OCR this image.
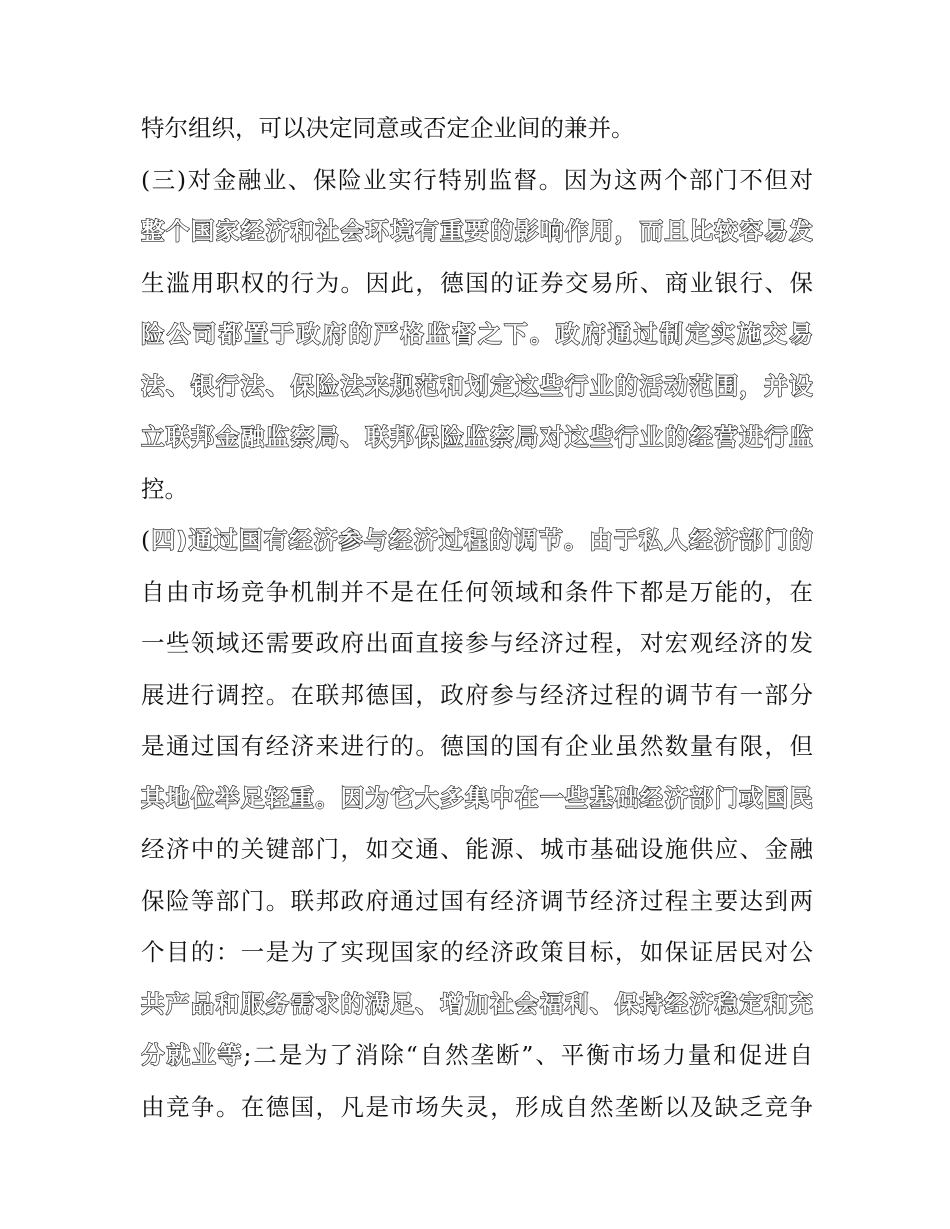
特尔组织，可以决定同意或否定企业间的兼并。
(三)对金融业、保险业实行特别监督。因为这两个部门不但对
整个国家经济和社会环境有重要的影响作用，而且比较容易发
生滥用职权的行为。因此，德国的证券交易所、商业银行、保
险公司都置于政府的严格监督之下。政府通过制定实施交易
法、银行法、保险法来规范和划定这些行业的活动范围，并设
立联邦金融监察局、联邦保险监察局对这些行业的经营进行监
控。
(四)通过国有经济参与经济过程的调节。由于私人经济部门的
自由市场竞争机制并不是在任何领域和条件下都是万能的，在
一些领域还需要政府出面直接参与经济过程，对宏观经济的发
展进行调控。在联邦德国，政府参与经济过程的调节有一部分
是通过国有经济来进行的。德国的国有企业虽然数量有限，但
其地位举足轻重。因为它大多集中在一些基础经济部门或国民
经济中的关键部门，如交通、能源、城市基础设施供应、金融
保险等部门。联邦政府通过国有经济调节经济过程主要达到两
个目的：一是为了实现国家的经济政策目标，如保证居民对公
共产品和服务需求的满足、增加社会福利、保持经济稳定和充
分就业等;二是为了消除“自然垄断”、平衡市场力量和促进自
由竞争。在德国，凡是市场失灵，形成自然垄断以及缺乏竞争
